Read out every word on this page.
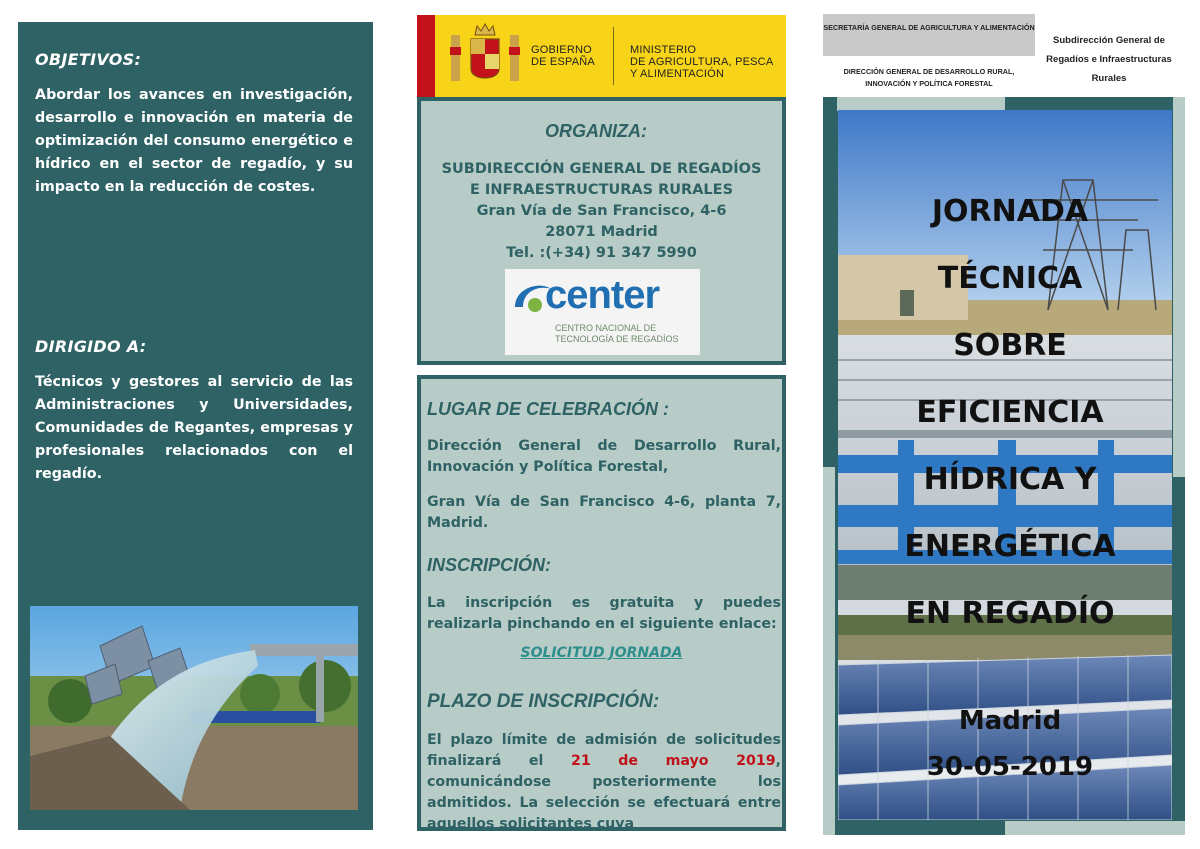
OBJETIVOS:

Abordar los avances en investigación, desarrollo e innovación en materia de optimización del consumo energético e hídrico en el sector de regadío, y su impacto en la reducción de costes.

DIRIGIDO A:

Técnicos y gestores al servicio de las Administraciones y Universidades, Comunidades de Regantes, empresas y profesionales relacionados con el regadío.

GOBIERNO
DE ESPAÑA
MINISTERIO
DE AGRICULTURA, PESCA
Y ALIMENTACIÓN
ORGANIZA:
SUBDIRECCIÓN GENERAL DE REGADÍOS
E INFRAESTRUCTURAS RURALES
Gran Vía de San Francisco, 4-6
28071 Madrid
Tel. :(+34) 91 347 5990
center
CENTRO NACIONAL DE
TECNOLOGÍA DE REGADÍOS
LUGAR DE CELEBRACIÓN :

Dirección General de Desarrollo Rural, Innovación y Política Forestal,

Gran Vía de San Francisco 4-6, planta 7, Madrid.

INSCRIPCIÓN:

La inscripción es gratuita y puedes realizarla pinchando en el siguiente enlace:

SOLICITUD JORNADA
PLAZO DE INSCRIPCIÓN:

El plazo límite de admisión de solicitudes finalizará el 21 de mayo 2019, comunicándose posteriormente los admitidos. La selección se efectuará entre aquellos solicitantes cuya

SECRETARÍA GENERAL DE AGRICULTURA Y ALIMENTACIÓN
DIRECCIÓN GENERAL DE DESARROLLO RURAL, INNOVACIÓN Y POLÍTICA FORESTAL
Subdirección General de Regadíos e Infraestructuras Rurales
JORNADA
TÉCNICA
SOBRE
EFICIENCIA
HÍDRICA Y
ENERGÉTICA
EN REGADÍO
Madrid
30-05-2019
